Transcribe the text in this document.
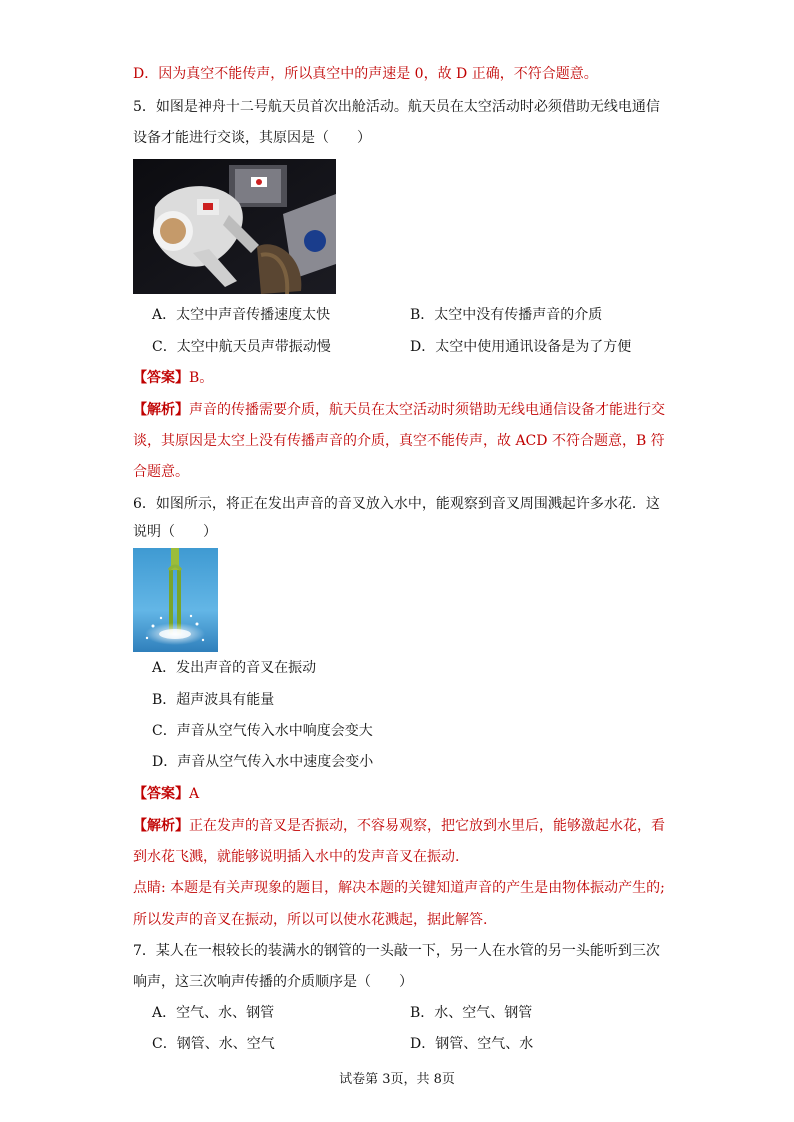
D．因为真空不能传声，所以真空中的声速是 0，故 D 正确，不符合题意。
5．如图是神舟十二号航天员首次出舱活动。航天员在太空活动时必须借助无线电通信
设备才能进行交谈，其原因是（　　）
A．太空中声音传播速度太快	B．太空中没有传播声音的介质
C．太空中航天员声带振动慢	D．太空中使用通讯设备是为了方便
【答案】B。
【解析】声音的传播需要介质，航天员在太空活动时须错助无线电通信设备才能进行交
谈，其原因是太空上没有传播声音的介质，真空不能传声，故 ACD 不符合题意，B 符
合题意。
6．如图所示，将正在发出声音的音叉放入水中，能观察到音叉周围溅起许多水花．这
说明（　　）
A．发出声音的音叉在振动
B．超声波具有能量
C．声音从空气传入水中响度会变大
D．声音从空气传入水中速度会变小
【答案】A
【解析】正在发声的音叉是否振动，不容易观察，把它放到水里后，能够激起水花，看
到水花飞溅，就能够说明插入水中的发声音叉在振动.
点睛: 本题是有关声现象的题目，解决本题的关键知道声音的产生是由物体振动产生的;
所以发声的音叉在振动，所以可以使水花溅起，据此解答.
7．某人在一根较长的装满水的钢管的一头敲一下，另一人在水管的另一头能听到三次
响声，这三次响声传播的介质顺序是（　　）
A．空气、水、钢管	B．水、空气、钢管
C．钢管、水、空气	D．钢管、空气、水
试卷第 3页，共 8页
